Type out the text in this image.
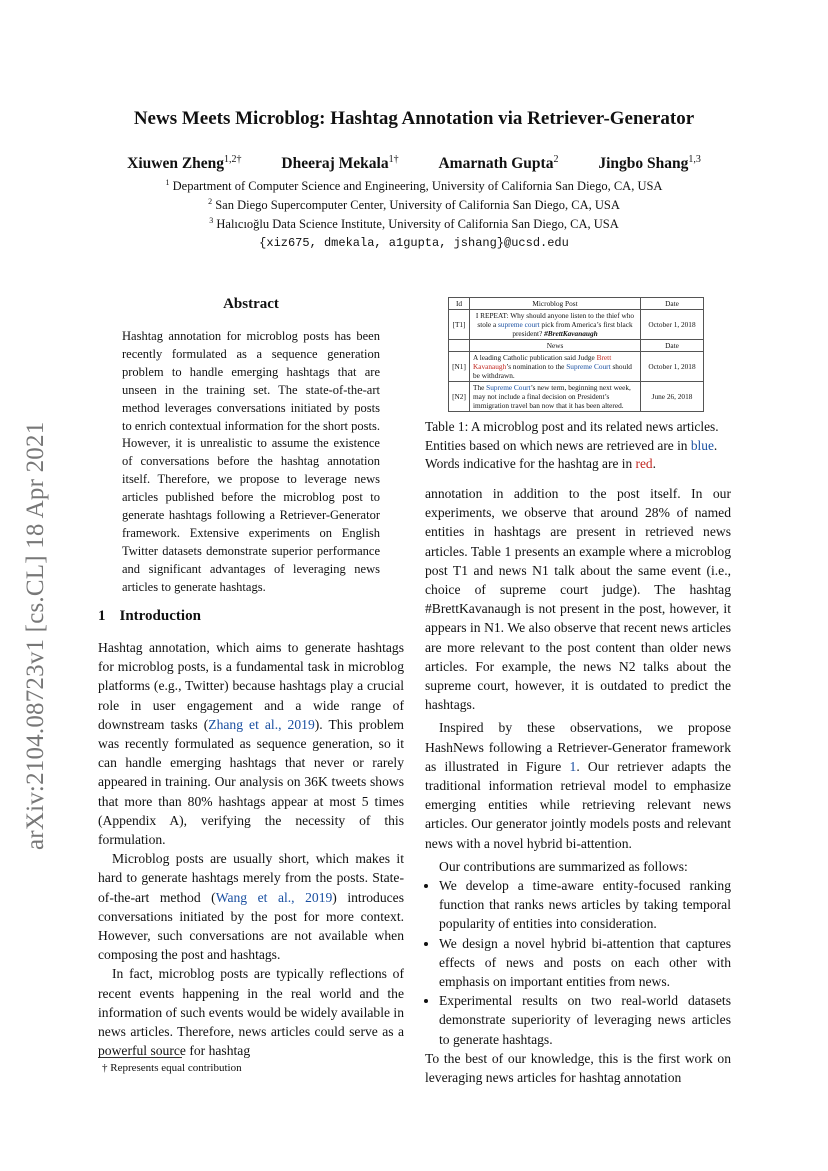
News Meets Microblog: Hashtag Annotation via Retriever-Generator
Xiuwen Zheng$^{1,2\dagger}$	Dheeraj Mekala$^{1\dagger}$	Amarnath Gupta$^2$	Jingbo Shang$^{1,3}$
$^1$ Department of Computer Science and Engineering, University of California San Diego, CA, USA
$^2$ San Diego Supercomputer Center, University of California San Diego, CA, USA
$^3$ Halıcıoğlu Data Science Institute, University of California San Diego, CA, USA
{xiz675, dmekala, a1gupta, jshang}@ucsd.edu
arXiv:2104.08723v1 [cs.CL] 18 Apr 2021
Abstract
Hashtag annotation for microblog posts has been recently formulated as a sequence generation problem to handle emerging hashtags that are unseen in the training set. The state-of-the-art method leverages conversations initiated by posts to enrich contextual information for the short posts. However, it is unrealistic to assume the existence of conversations before the hashtag annotation itself. Therefore, we propose to leverage news articles published before the microblog post to generate hashtags following a Retriever-Generator framework. Extensive experiments on English Twitter datasets demonstrate superior performance and significant advantages of leveraging news articles to generate hashtags.
1 Introduction

Hashtag annotation, which aims to generate hashtags for microblog posts, is a fundamental task in microblog platforms (e.g., Twitter) because hashtags play a crucial role in user engagement and a wide range of downstream tasks (Zhang et al., 2019). This problem was recently formulated as sequence generation, so it can handle emerging hashtags that never or rarely appeared in training. Our analysis on 36K tweets shows that more than 80% hashtags appear at most 5 times (Appendix A), verifying the necessity of this formulation.

Microblog posts are usually short, which makes it hard to generate hashtags merely from the posts. State-of-the-art method (Wang et al., 2019) introduces conversations initiated by the post for more context. However, such conversations are not available when composing the post and hashtags.

In fact, microblog posts are typically reflections of recent events happening in the real world and the information of such events would be widely available in news articles. Therefore, news articles could serve as a powerful source for hashtag

† Represents equal contribution
Id	Microblog Post	Date
[T1]	I REPEAT: Why should anyone listen to the thief who stole a supreme court pick from America’s first black president? #BrettKavanaugh	October 1, 2018
	News	Date
[N1]	A leading Catholic publication said Judge Brett Kavanaugh’s nomination to the Supreme Court should be withdrawn.	October 1, 2018
[N2]	The Supreme Court’s new term, beginning next week, may not include a final decision on President’s immigration travel ban now that it has been altered.	June 26, 2018
Table 1: A microblog post and its related news articles. Entities based on which news are retrieved are in blue. Words indicative for the hashtag are in red.

annotation in addition to the post itself. In our experiments, we observe that around 28% of named entities in hashtags are present in retrieved news articles. Table 1 presents an example where a microblog post T1 and news N1 talk about the same event (i.e., choice of supreme court judge). The hashtag #BrettKavanaugh is not present in the post, however, it appears in N1. We also observe that recent news articles are more relevant to the post content than older news articles. For example, the news N2 talks about the supreme court, however, it is outdated to predict the hashtags.

Inspired by these observations, we propose HashNews following a Retriever-Generator framework as illustrated in Figure 1. Our retriever adapts the traditional information retrieval model to emphasize emerging entities while retrieving relevant news articles. Our generator jointly models posts and relevant news with a novel hybrid bi-attention.

Our contributions are summarized as follows:

• We develop a time-aware entity-focused ranking function that ranks news articles by taking temporal popularity of entities into consideration.
• We design a novel hybrid bi-attention that captures effects of news and posts on each other with emphasis on important entities from news.
• Experimental results on two real-world datasets demonstrate superiority of leveraging news articles to generate hashtags.

To the best of our knowledge, this is the first work on leveraging news articles for hashtag annotation
